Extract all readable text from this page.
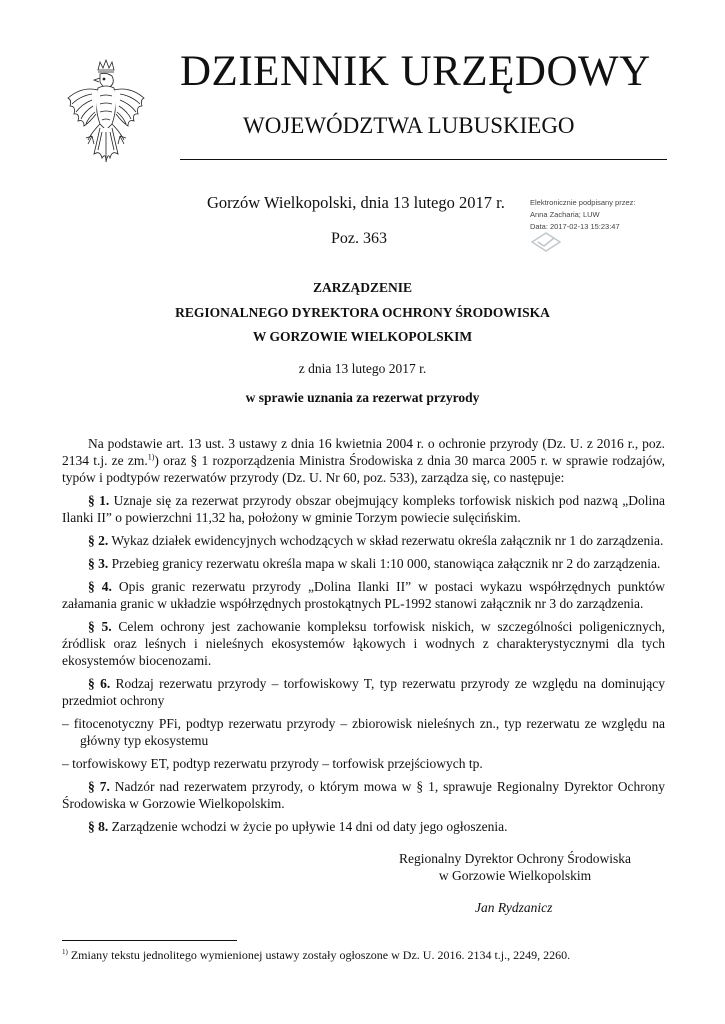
DZIENNIK URZĘDOWY
WOJEWÓDZTWA LUBUSKIEGO
Gorzów Wielkopolski, dnia 13 lutego 2017 r.
Poz. 363
Elektronicznie podpisany przez:
Anna Zacharia; LUW
Data: 2017-02-13 15:23:47
ZARZĄDZENIE
REGIONALNEGO DYREKTORA OCHRONY ŚRODOWISKA
W GORZOWIE WIELKOPOLSKIM
z dnia 13 lutego 2017 r.
w sprawie uznania za rezerwat przyrody

Na podstawie art. 13 ust. 3 ustawy z dnia 16 kwietnia 2004 r. o ochronie przyrody (Dz. U. z 2016 r., poz. 2134 t.j. ze zm.$^{1)}$) oraz § 1 rozporządzenia Ministra Środowiska z dnia 30 marca 2005 r. w sprawie rodzajów, typów i podtypów rezerwatów przyrody (Dz. U. Nr 60, poz. 533), zarządza się, co następuje:

§ 1. Uznaje się za rezerwat przyrody obszar obejmujący kompleks torfowisk niskich pod nazwą „Dolina Ilanki II” o powierzchni 11,32 ha, położony w gminie Torzym powiecie sulęcińskim.

§ 2. Wykaz działek ewidencyjnych wchodzących w skład rezerwatu określa załącznik nr 1 do zarządzenia.

§ 3. Przebieg granicy rezerwatu określa mapa w skali 1:10 000, stanowiąca załącznik nr 2 do zarządzenia.

§ 4. Opis granic rezerwatu przyrody „Dolina Ilanki II” w postaci wykazu współrzędnych punktów załamania granic w układzie współrzędnych prostokątnych PL-1992 stanowi załącznik nr 3 do zarządzenia.

§ 5. Celem ochrony jest zachowanie kompleksu torfowisk niskich, w szczególności poligenicznych, źródlisk oraz leśnych i nieleśnych ekosystemów łąkowych i wodnych z charakterystycznymi dla tych ekosystemów biocenozami.

§ 6. Rodzaj rezerwatu przyrody – torfowiskowy T, typ rezerwatu przyrody ze względu na dominujący przedmiot ochrony

– fitocenotyczny PFi, podtyp rezerwatu przyrody – zbiorowisk nieleśnych zn., typ rezerwatu ze względu na główny typ ekosystemu

– torfowiskowy ET, podtyp rezerwatu przyrody – torfowisk przejściowych tp.

§ 7. Nadzór nad rezerwatem przyrody, o którym mowa w § 1, sprawuje Regionalny Dyrektor Ochrony Środowiska w Gorzowie Wielkopolskim.

§ 8. Zarządzenie wchodzi w życie po upływie 14 dni od daty jego ogłoszenia.

Regionalny Dyrektor Ochrony Środowiska
w Gorzowie Wielkopolskim
Jan Rydzanicz
$^{1)}$ Zmiany tekstu jednolitego wymienionej ustawy zostały ogłoszone w Dz. U. 2016. 2134 t.j., 2249, 2260.
